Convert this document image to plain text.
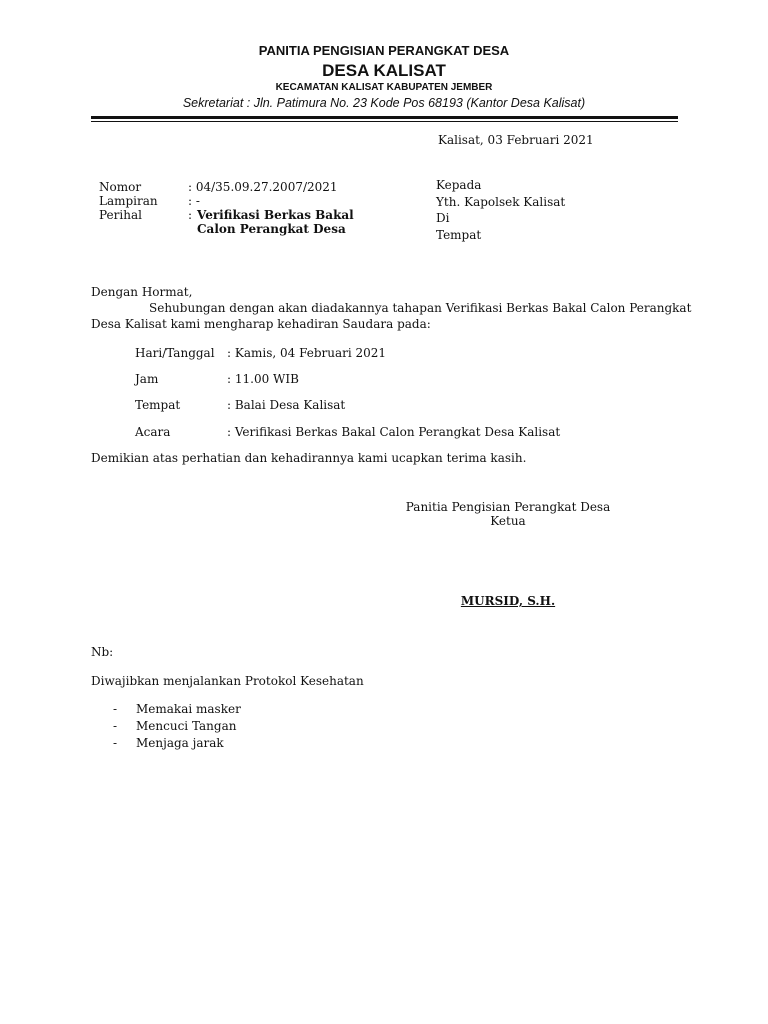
PANITIA PENGISIAN PERANGKAT DESA
DESA KALISAT
KECAMATAN KALISAT KABUPATEN JEMBER
Sekretariat : Jln. Patimura No. 23 Kode Pos 68193 (Kantor Desa Kalisat)
Kalisat, 03 Februari 2021
Nomor	: 04/35.09.27.2007/2021
Lampiran	: -
Perihal	: Verifikasi Berkas Bakal
Calon Perangkat Desa
Kepada
Yth. Kapolsek Kalisat
Di
Tempat
Dengan Hormat,
Sehubungan dengan akan diadakannya tahapan Verifikasi Berkas Bakal Calon Perangkat
Desa Kalisat kami mengharap kehadiran Saudara pada:
Hari/Tanggal : Kamis, 04 Februari 2021
Jam	: 11.00 WIB
Tempat	: Balai Desa Kalisat
Acara	: Verifikasi Berkas Bakal Calon Perangkat Desa Kalisat
Demikian atas perhatian dan kehadirannya kami ucapkan terima kasih.
Panitia Pengisian Perangkat Desa
Ketua
MURSID, S.H.
Nb:
Diwajibkan menjalankan Protokol Kesehatan
- Memakai masker
- Mencuci Tangan
- Menjaga jarak
